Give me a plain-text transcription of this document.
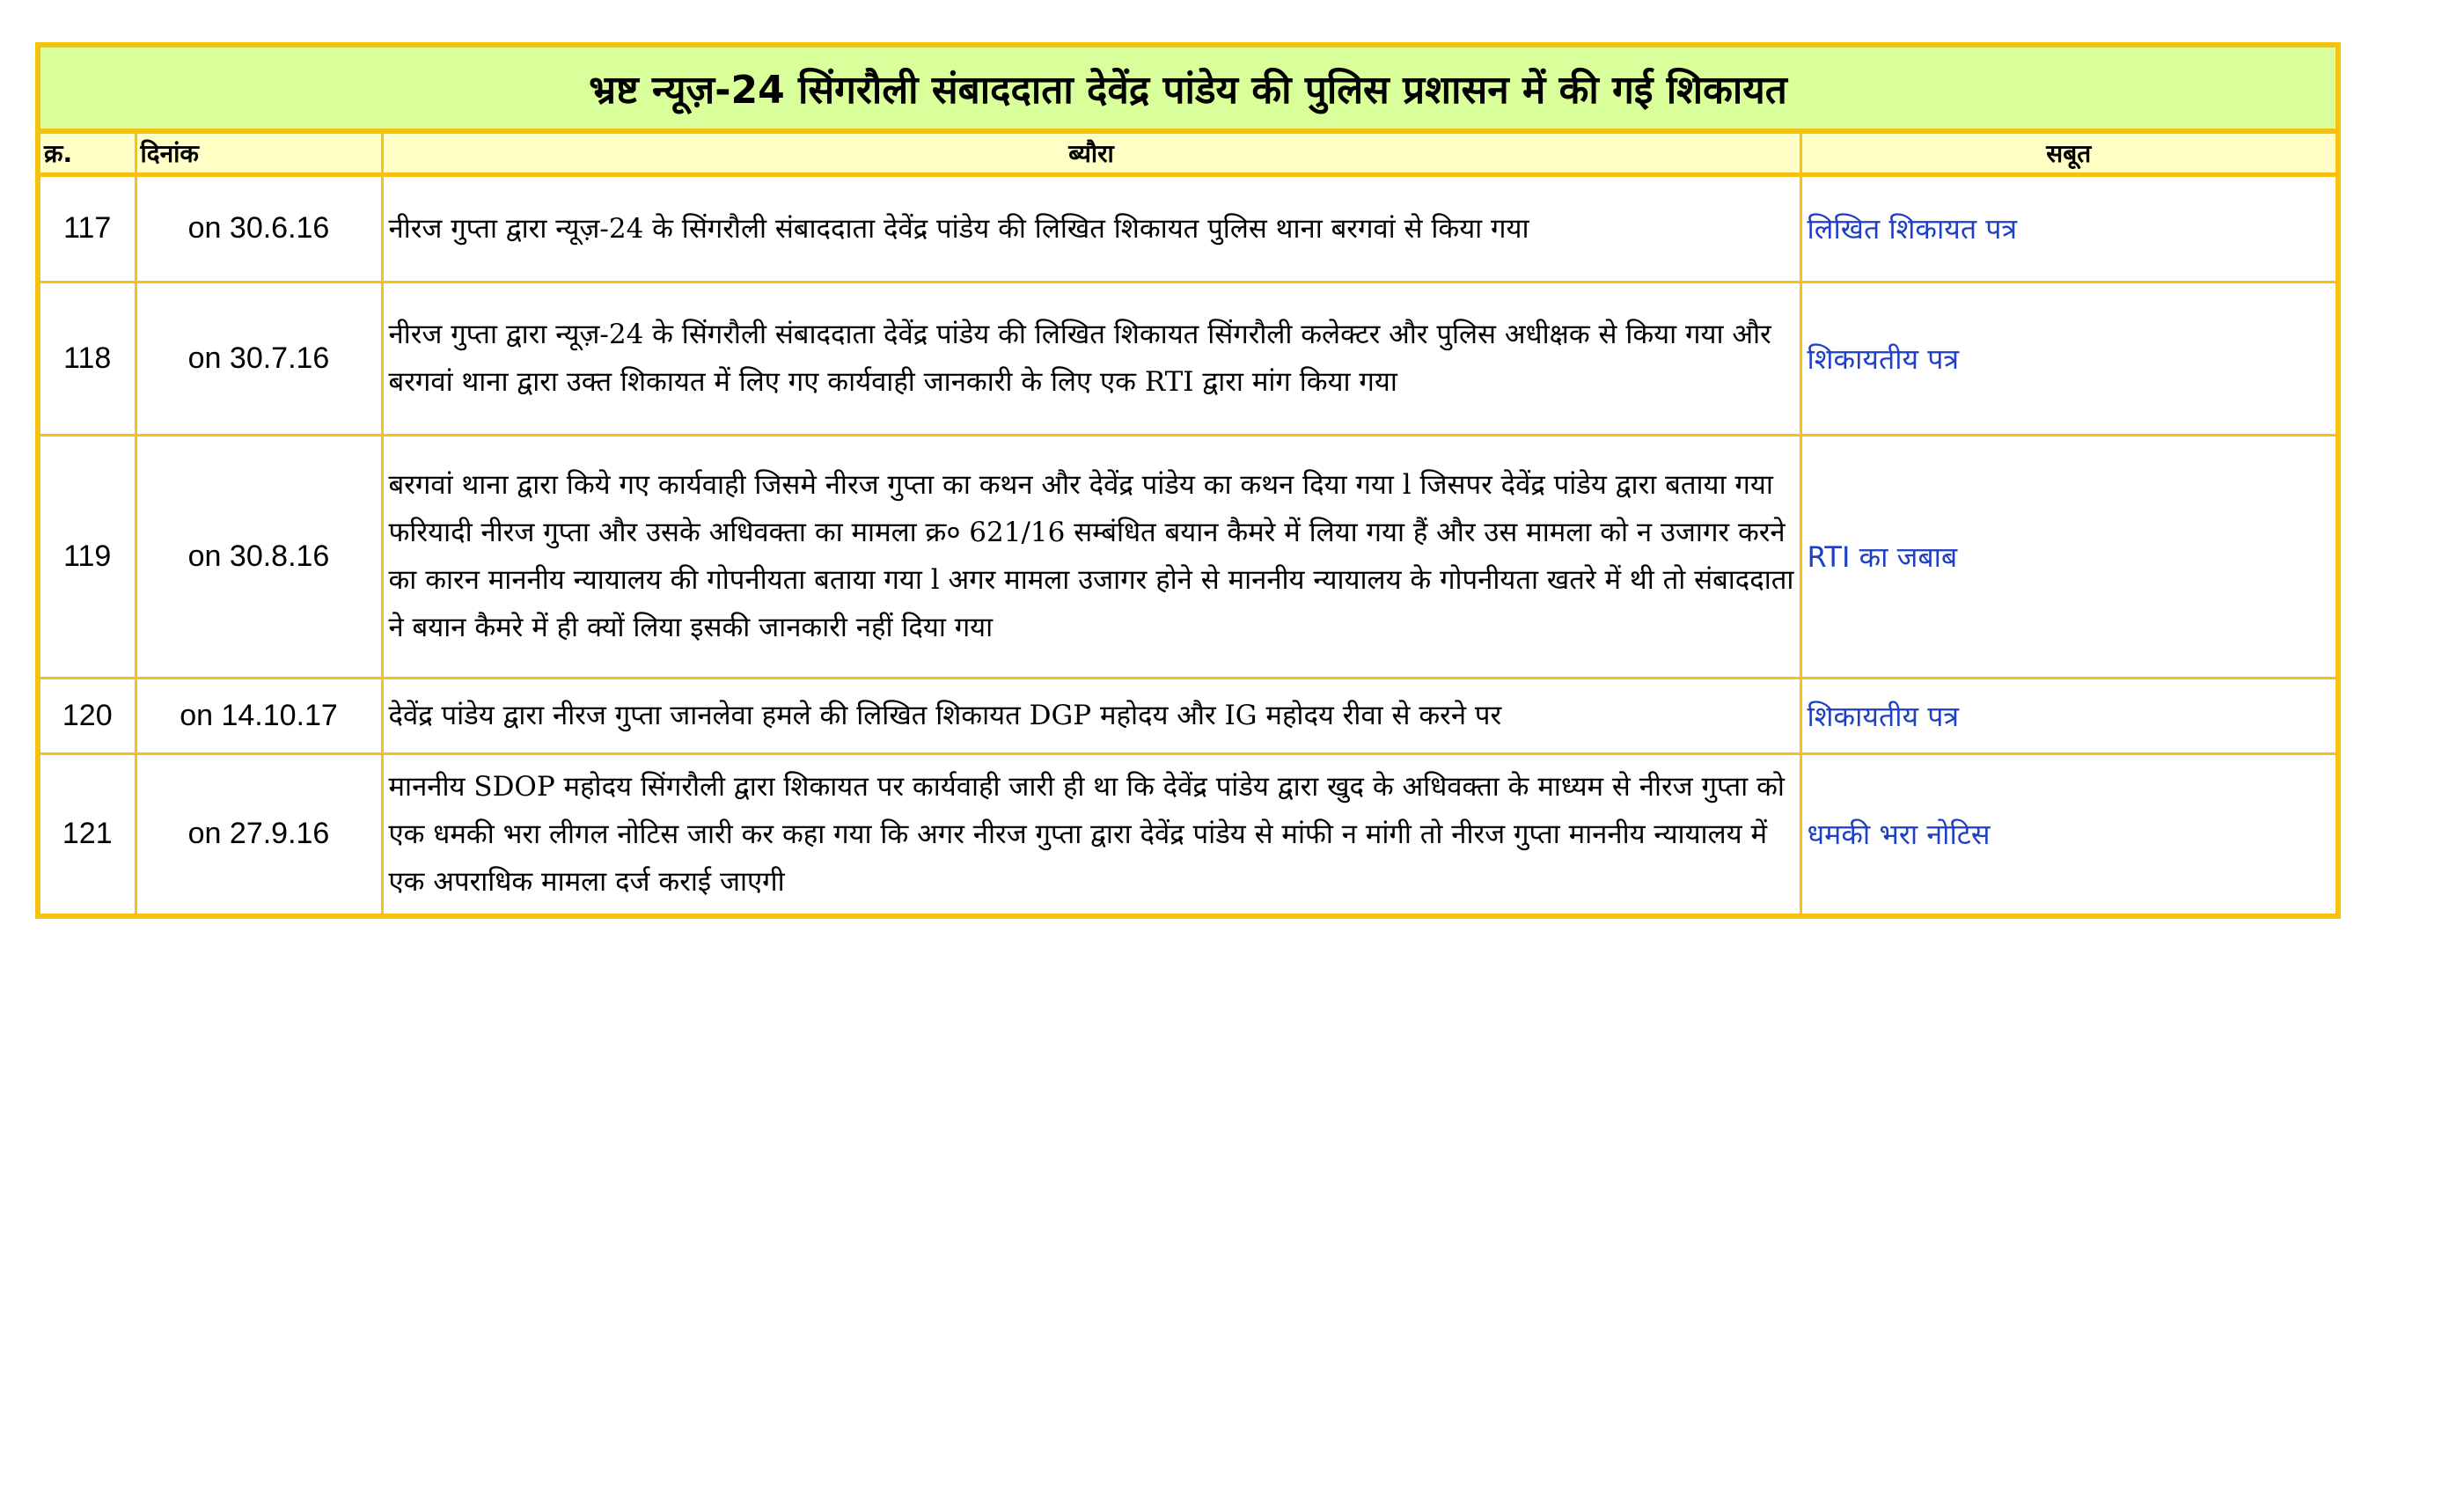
भ्रष्ट न्यूज़-24 सिंगरौली संबाददाता देवेंद्र पांडेय की पुलिस प्रशासन में की गई शिकायत
क्र.	दिनांक	ब्यौरा	सबूत
117	on 30.6.16	नीरज गुप्ता द्वारा न्यूज़-24 के सिंगरौली संबाददाता देवेंद्र पांडेय की लिखित शिकायत पुलिस थाना बरगवां से किया गया	लिखित शिकायत पत्र
118	on 30.7.16	नीरज गुप्ता द्वारा न्यूज़-24 के सिंगरौली संबाददाता देवेंद्र पांडेय की लिखित शिकायत सिंगरौली कलेक्टर और पुलिस अधीक्षक से किया गया और बरगवां थाना द्वारा उक्त शिकायत में लिए गए कार्यवाही जानकारी के लिए एक RTI द्वारा मांग किया गया	शिकायतीय पत्र
119	on 30.8.16	बरगवां थाना द्वारा किये गए कार्यवाही जिसमे नीरज गुप्ता का कथन और देवेंद्र पांडेय का कथन दिया गया l जिसपर देवेंद्र पांडेय द्वारा बताया गया फरियादी नीरज गुप्ता और उसके अधिवक्ता का मामला क्र० 621/16 सम्बंधित बयान कैमरे में लिया गया हैं और उस मामला को न उजागर करने का कारन माननीय न्यायालय की गोपनीयता बताया गया l अगर मामला उजागर होने से माननीय न्यायालय के गोपनीयता खतरे में थी तो संबाददाता ने बयान कैमरे में ही क्यों लिया इसकी जानकारी नहीं दिया गया	RTI का जबाब
120	on 14.10.17	देवेंद्र पांडेय द्वारा नीरज गुप्ता जानलेवा हमले की लिखित शिकायत DGP महोदय और IG महोदय रीवा से करने पर	शिकायतीय पत्र
121	on 27.9.16	माननीय SDOP महोदय सिंगरौली द्वारा शिकायत पर कार्यवाही जारी ही था कि देवेंद्र पांडेय द्वारा खुद के अधिवक्ता के माध्यम से नीरज गुप्ता को एक धमकी भरा लीगल नोटिस जारी कर कहा गया कि अगर नीरज गुप्ता द्वारा देवेंद्र पांडेय से मांफी न मांगी तो नीरज गुप्ता माननीय न्यायालय में एक अपराधिक मामला दर्ज कराई जाएगी	धमकी भरा नोटिस
